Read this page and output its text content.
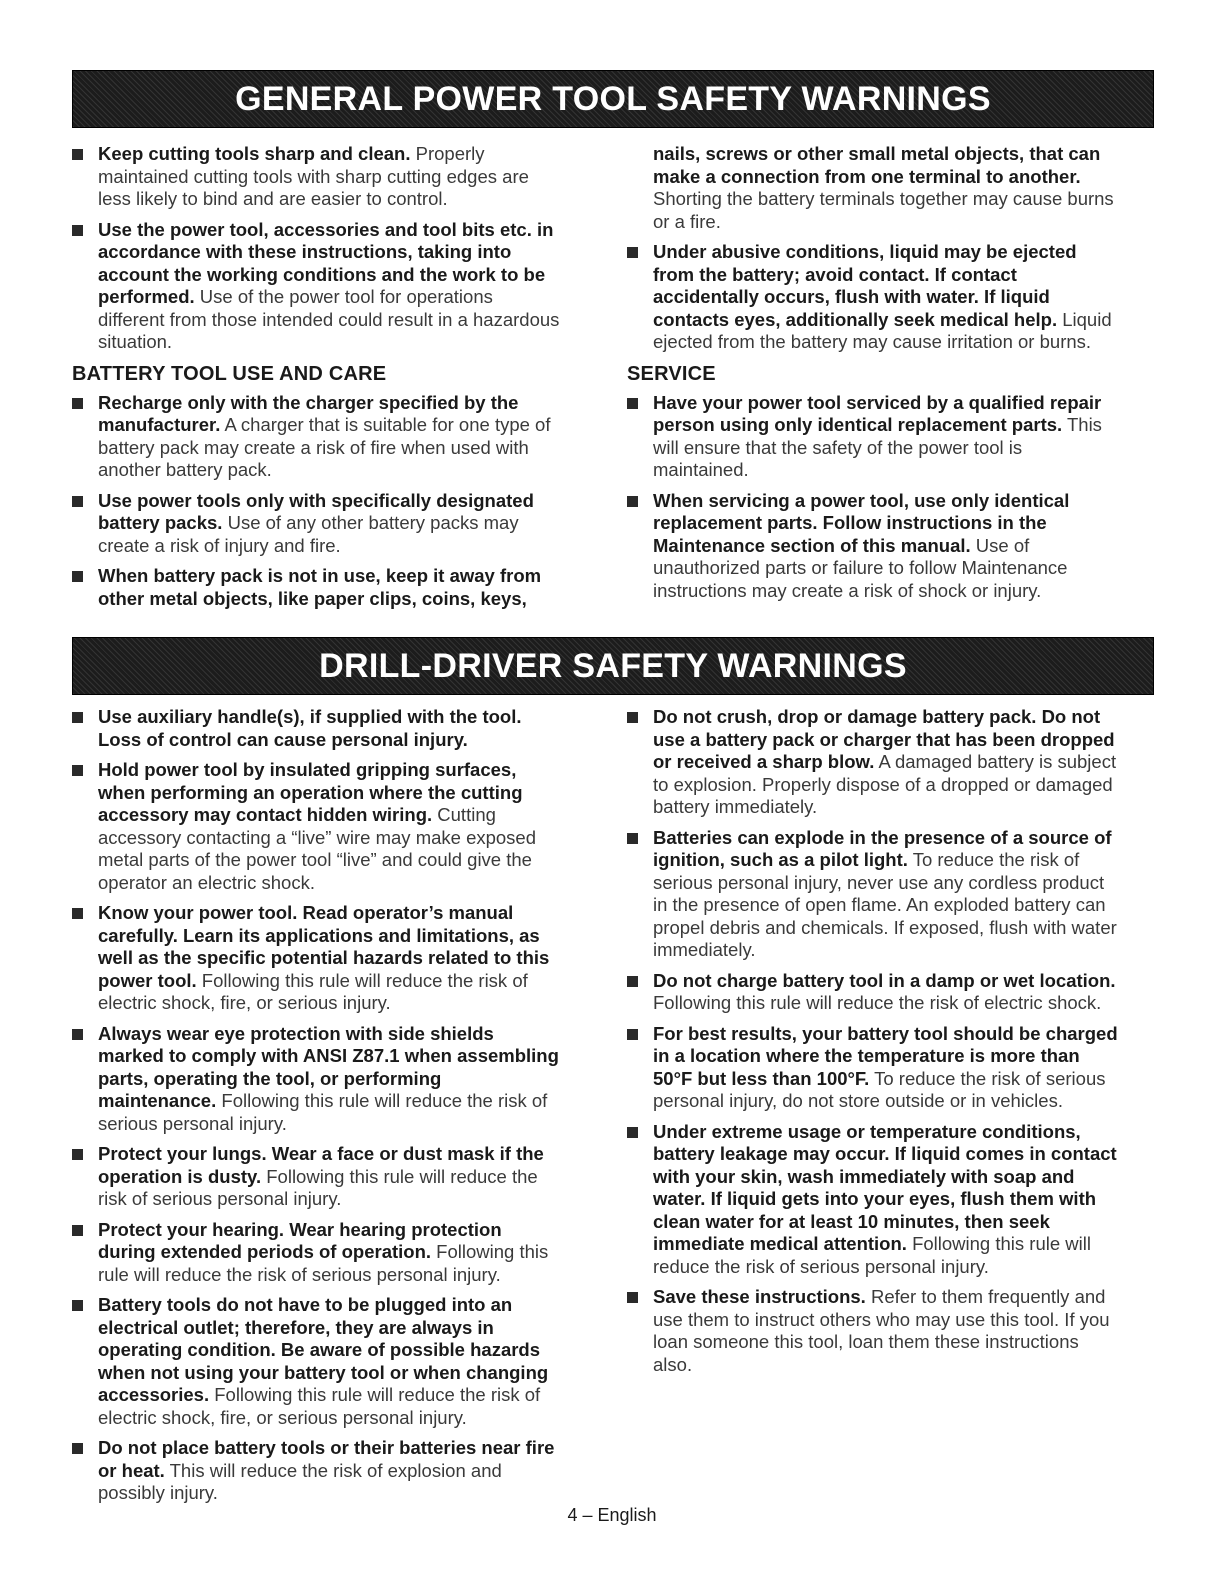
GENERAL POWER TOOL SAFETY WARNINGS
Keep cutting tools sharp and clean. Properly maintained cutting tools with sharp cutting edges are less likely to bind and are easier to control.
Use the power tool, accessories and tool bits etc. in accordance with these instructions, taking into account the working conditions and the work to be performed. Use of the power tool for operations different from those intended could result in a hazardous situation.
BATTERY TOOL USE AND CARE
Recharge only with the charger specified by the manufacturer. A charger that is suitable for one type of battery pack may create a risk of fire when used with another battery pack.
Use power tools only with specifically designated battery packs. Use of any other battery packs may create a risk of injury and fire.
When battery pack is not in use, keep it away from other metal objects, like paper clips, coins, keys,
nails, screws or other small metal objects, that can make a connection from one terminal to another. Shorting the battery terminals together may cause burns or a fire.
Under abusive conditions, liquid may be ejected from the battery; avoid contact. If contact accidentally occurs, flush with water. If liquid contacts eyes, additionally seek medical help. Liquid ejected from the battery may cause irritation or burns.
SERVICE
Have your power tool serviced by a qualified repair person using only identical replacement parts. This will ensure that the safety of the power tool is maintained.
When servicing a power tool, use only identical replacement parts. Follow instructions in the Maintenance section of this manual. Use of unauthorized parts or failure to follow Maintenance instructions may create a risk of shock or injury.
DRILL-DRIVER SAFETY WARNINGS
Use auxiliary handle(s), if supplied with the tool. Loss of control can cause personal injury.
Hold power tool by insulated gripping surfaces, when performing an operation where the cutting accessory may contact hidden wiring. Cutting accessory contacting a “live” wire may make exposed metal parts of the power tool “live” and could give the operator an electric shock.
Know your power tool. Read operator’s manual carefully. Learn its applications and limitations, as well as the specific potential hazards related to this power tool. Following this rule will reduce the risk of electric shock, fire, or serious injury.
Always wear eye protection with side shields marked to comply with ANSI Z87.1 when assembling parts, operating the tool, or performing maintenance. Following this rule will reduce the risk of serious personal injury.
Protect your lungs. Wear a face or dust mask if the operation is dusty. Following this rule will reduce the risk of serious personal injury.
Protect your hearing. Wear hearing protection during extended periods of operation. Following this rule will reduce the risk of serious personal injury.
Battery tools do not have to be plugged into an electrical outlet; therefore, they are always in operating condition. Be aware of possible hazards when not using your battery tool or when changing accessories. Following this rule will reduce the risk of electric shock, fire, or serious personal injury.
Do not place battery tools or their batteries near fire or heat. This will reduce the risk of explosion and possibly injury.
Do not crush, drop or damage battery pack. Do not use a battery pack or charger that has been dropped or received a sharp blow. A damaged battery is subject to explosion. Properly dispose of a dropped or damaged battery immediately.
Batteries can explode in the presence of a source of ignition, such as a pilot light. To reduce the risk of serious personal injury, never use any cordless product in the presence of open flame. An exploded battery can propel debris and chemicals. If exposed, flush with water immediately.
Do not charge battery tool in a damp or wet location. Following this rule will reduce the risk of electric shock.
For best results, your battery tool should be charged in a location where the temperature is more than 50°F but less than 100°F. To reduce the risk of serious personal injury, do not store outside or in vehicles.
Under extreme usage or temperature conditions, battery leakage may occur. If liquid comes in contact with your skin, wash immediately with soap and water. If liquid gets into your eyes, flush them with clean water for at least 10 minutes, then seek immediate medical attention. Following this rule will reduce the risk of serious personal injury.
Save these instructions. Refer to them frequently and use them to instruct others who may use this tool. If you loan someone this tool, loan them these instructions also.
4 – English
